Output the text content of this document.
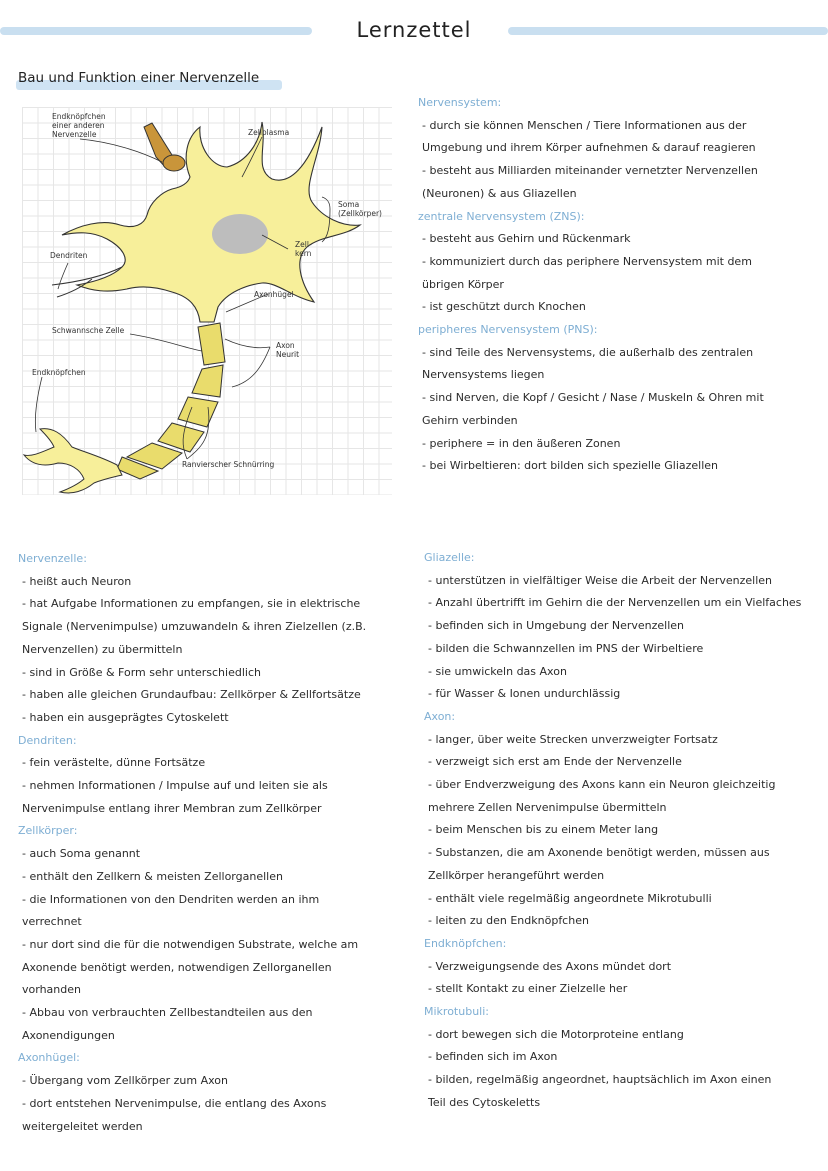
Lernzettel
Bau und Funktion einer Nervenzelle
Endknöpfchen
einer anderen
Nervenzelle	Zellplasma
Soma
(Zellkörper)
Dendriten
Zell-
kern
Axonhügel
Schwannsche Zelle
Axon
Neurit
Endknöpfchen
Ranvierscher Schnürring
Nervensystem:
- durch sie können Menschen / Tiere Informationen aus der
Umgebung und ihrem Körper aufnehmen & darauf reagieren
- besteht aus Milliarden miteinander vernetzter Nervenzellen
(Neuronen) & aus Gliazellen
zentrale Nervensystem (ZNS):
- besteht aus Gehirn und Rückenmark
- kommuniziert durch das periphere Nervensystem mit dem
übrigen Körper
- ist geschützt durch Knochen
peripheres Nervensystem (PNS):
- sind Teile des Nervensystems, die außerhalb des zentralen
Nervensystems liegen
- sind Nerven, die Kopf / Gesicht / Nase / Muskeln & Ohren mit
Gehirn verbinden
- periphere = in den äußeren Zonen
- bei Wirbeltieren: dort bilden sich spezielle Gliazellen
Nervenzelle:
- heißt auch Neuron
- hat Aufgabe Informationen zu empfangen, sie in elektrische
Signale (Nervenimpulse) umzuwandeln & ihren Zielzellen (z.B.
Nervenzellen) zu übermitteln
- sind in Größe & Form sehr unterschiedlich
- haben alle gleichen Grundaufbau: Zellkörper & Zellfortsätze
- haben ein ausgeprägtes Cytoskelett
Dendriten:
- fein verästelte, dünne Fortsätze
- nehmen Informationen / Impulse auf und leiten sie als
Nervenimpulse entlang ihrer Membran zum Zellkörper
Zellkörper:
- auch Soma genannt
- enthält den Zellkern & meisten Zellorganellen
- die Informationen von den Dendriten werden an ihm
verrechnet
- nur dort sind die für die notwendigen Substrate, welche am
Axonende benötigt werden, notwendigen Zellorganellen
vorhanden
- Abbau von verbrauchten Zellbestandteilen aus den
Axonendigungen
Axonhügel:
- Übergang vom Zellkörper zum Axon
- dort entstehen Nervenimpulse, die entlang des Axons
weitergeleitet werden
Gliazelle:
- unterstützen in vielfältiger Weise die Arbeit der Nervenzellen
- Anzahl übertrifft im Gehirn die der Nervenzellen um ein Vielfaches
- befinden sich in Umgebung der Nervenzellen
- bilden die Schwannzellen im PNS der Wirbeltiere
- sie umwickeln das Axon
- für Wasser & Ionen undurchlässig
Axon:
- langer, über weite Strecken unverzweigter Fortsatz
- verzweigt sich erst am Ende der Nervenzelle
- über Endverzweigung des Axons kann ein Neuron gleichzeitig
mehrere Zellen Nervenimpulse übermitteln
- beim Menschen bis zu einem Meter lang
- Substanzen, die am Axonende benötigt werden, müssen aus
Zellkörper herangeführt werden
- enthält viele regelmäßig angeordnete Mikrotubulli
- leiten zu den Endknöpfchen
Endknöpfchen:
- Verzweigungsende des Axons mündet dort
- stellt Kontakt zu einer Zielzelle her
Mikrotubuli:
- dort bewegen sich die Motorproteine entlang
- befinden sich im Axon
- bilden, regelmäßig angeordnet, hauptsächlich im Axon einen
Teil des Cytoskeletts
